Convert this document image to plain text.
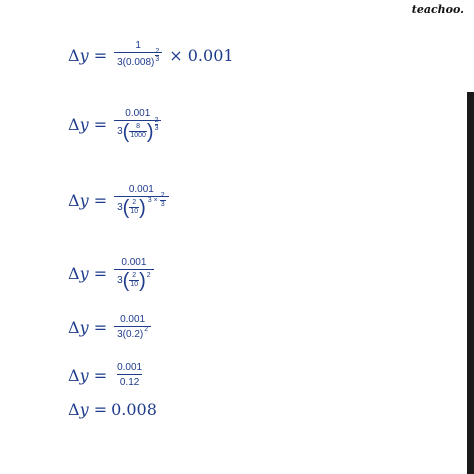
teachoo.
$\Delta y = \frac{1}{3(0.008) \frac{2}{3}} \times 0.001$
Δy =
0.001
3 ( $\frac{8}{1000}$ ) $\frac{2}{3}$
Δy =
0.001
3 ( $\frac{2}{10}$ ) $3 \times \frac{2}{3}$
Δy =
0.001
3 ( $\frac{2}{10}$ ) 2
$\Delta y = \frac{0.001}{3(0.2) 2}$
$\Delta y = \frac{0.001}{0.12}$
Δy = 0.008
